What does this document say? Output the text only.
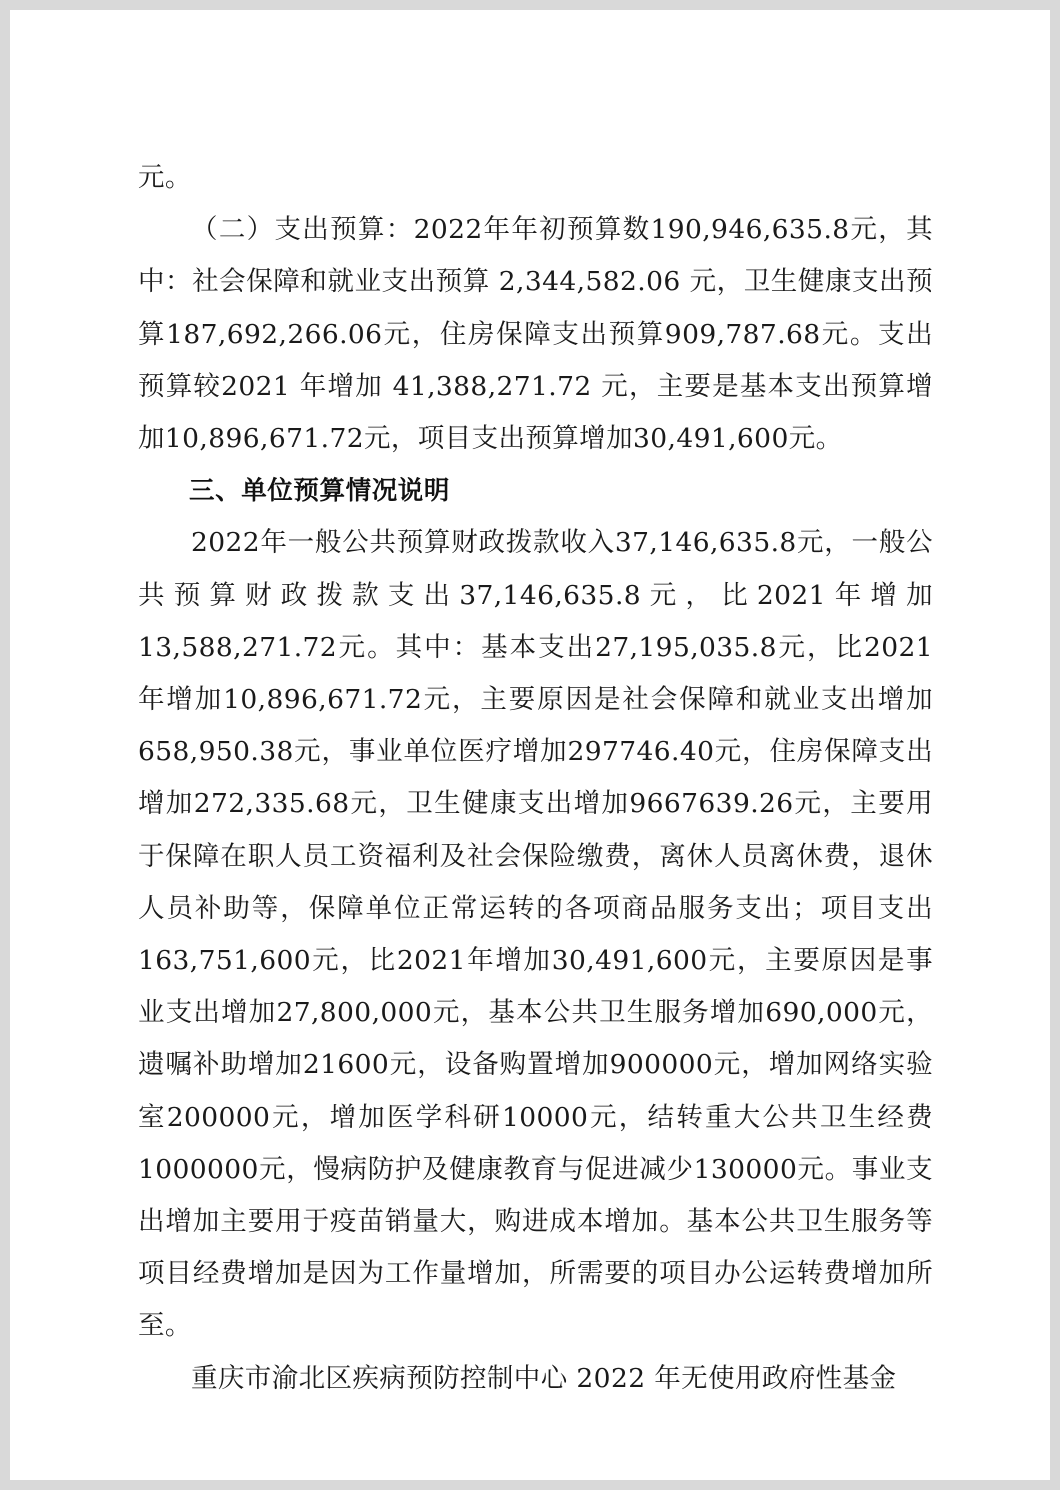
元。

（二）支出预算：2022年年初预算数190,946,635.8元，其中：社会保障和就业支出预算 2,344,582.06 元，卫生健康支出预算187,692,266.06元，住房保障支出预算909,787.68元。支出预算较2021 年增加 41,388,271.72 元，主要是基本支出预算增加10,896,671.72元，项目支出预算增加30,491,600元。

三、单位预算情况说明

2022年一般公共预算财政拨款收入37,146,635.8元，一般公共预算财政拨款支出37,146,635.8元，比2021年增加13,588,271.72元。其中：基本支出27,195,035.8元，比2021年增加10,896,671.72元，主要原因是社会保障和就业支出增加658,950.38元，事业单位医疗增加297746.40元，住房保障支出增加272,335.68元，卫生健康支出增加9667639.26元，主要用于保障在职人员工资福利及社会保险缴费，离休人员离休费，退休人员补助等，保障单位正常运转的各项商品服务支出；项目支出163,751,600元，比2021年增加30,491,600元，主要原因是事业支出增加27,800,000元，基本公共卫生服务增加690,000元，遗嘱补助增加21600元，设备购置增加900000元，增加网络实验室200000元，增加医学科研10000元，结转重大公共卫生经费1000000元，慢病防护及健康教育与促进减少130000元。事业支出增加主要用于疫苗销量大，购进成本增加。基本公共卫生服务等项目经费增加是因为工作量增加，所需要的项目办公运转费增加所至。

重庆市渝北区疾病预防控制中心 2022 年无使用政府性基金
